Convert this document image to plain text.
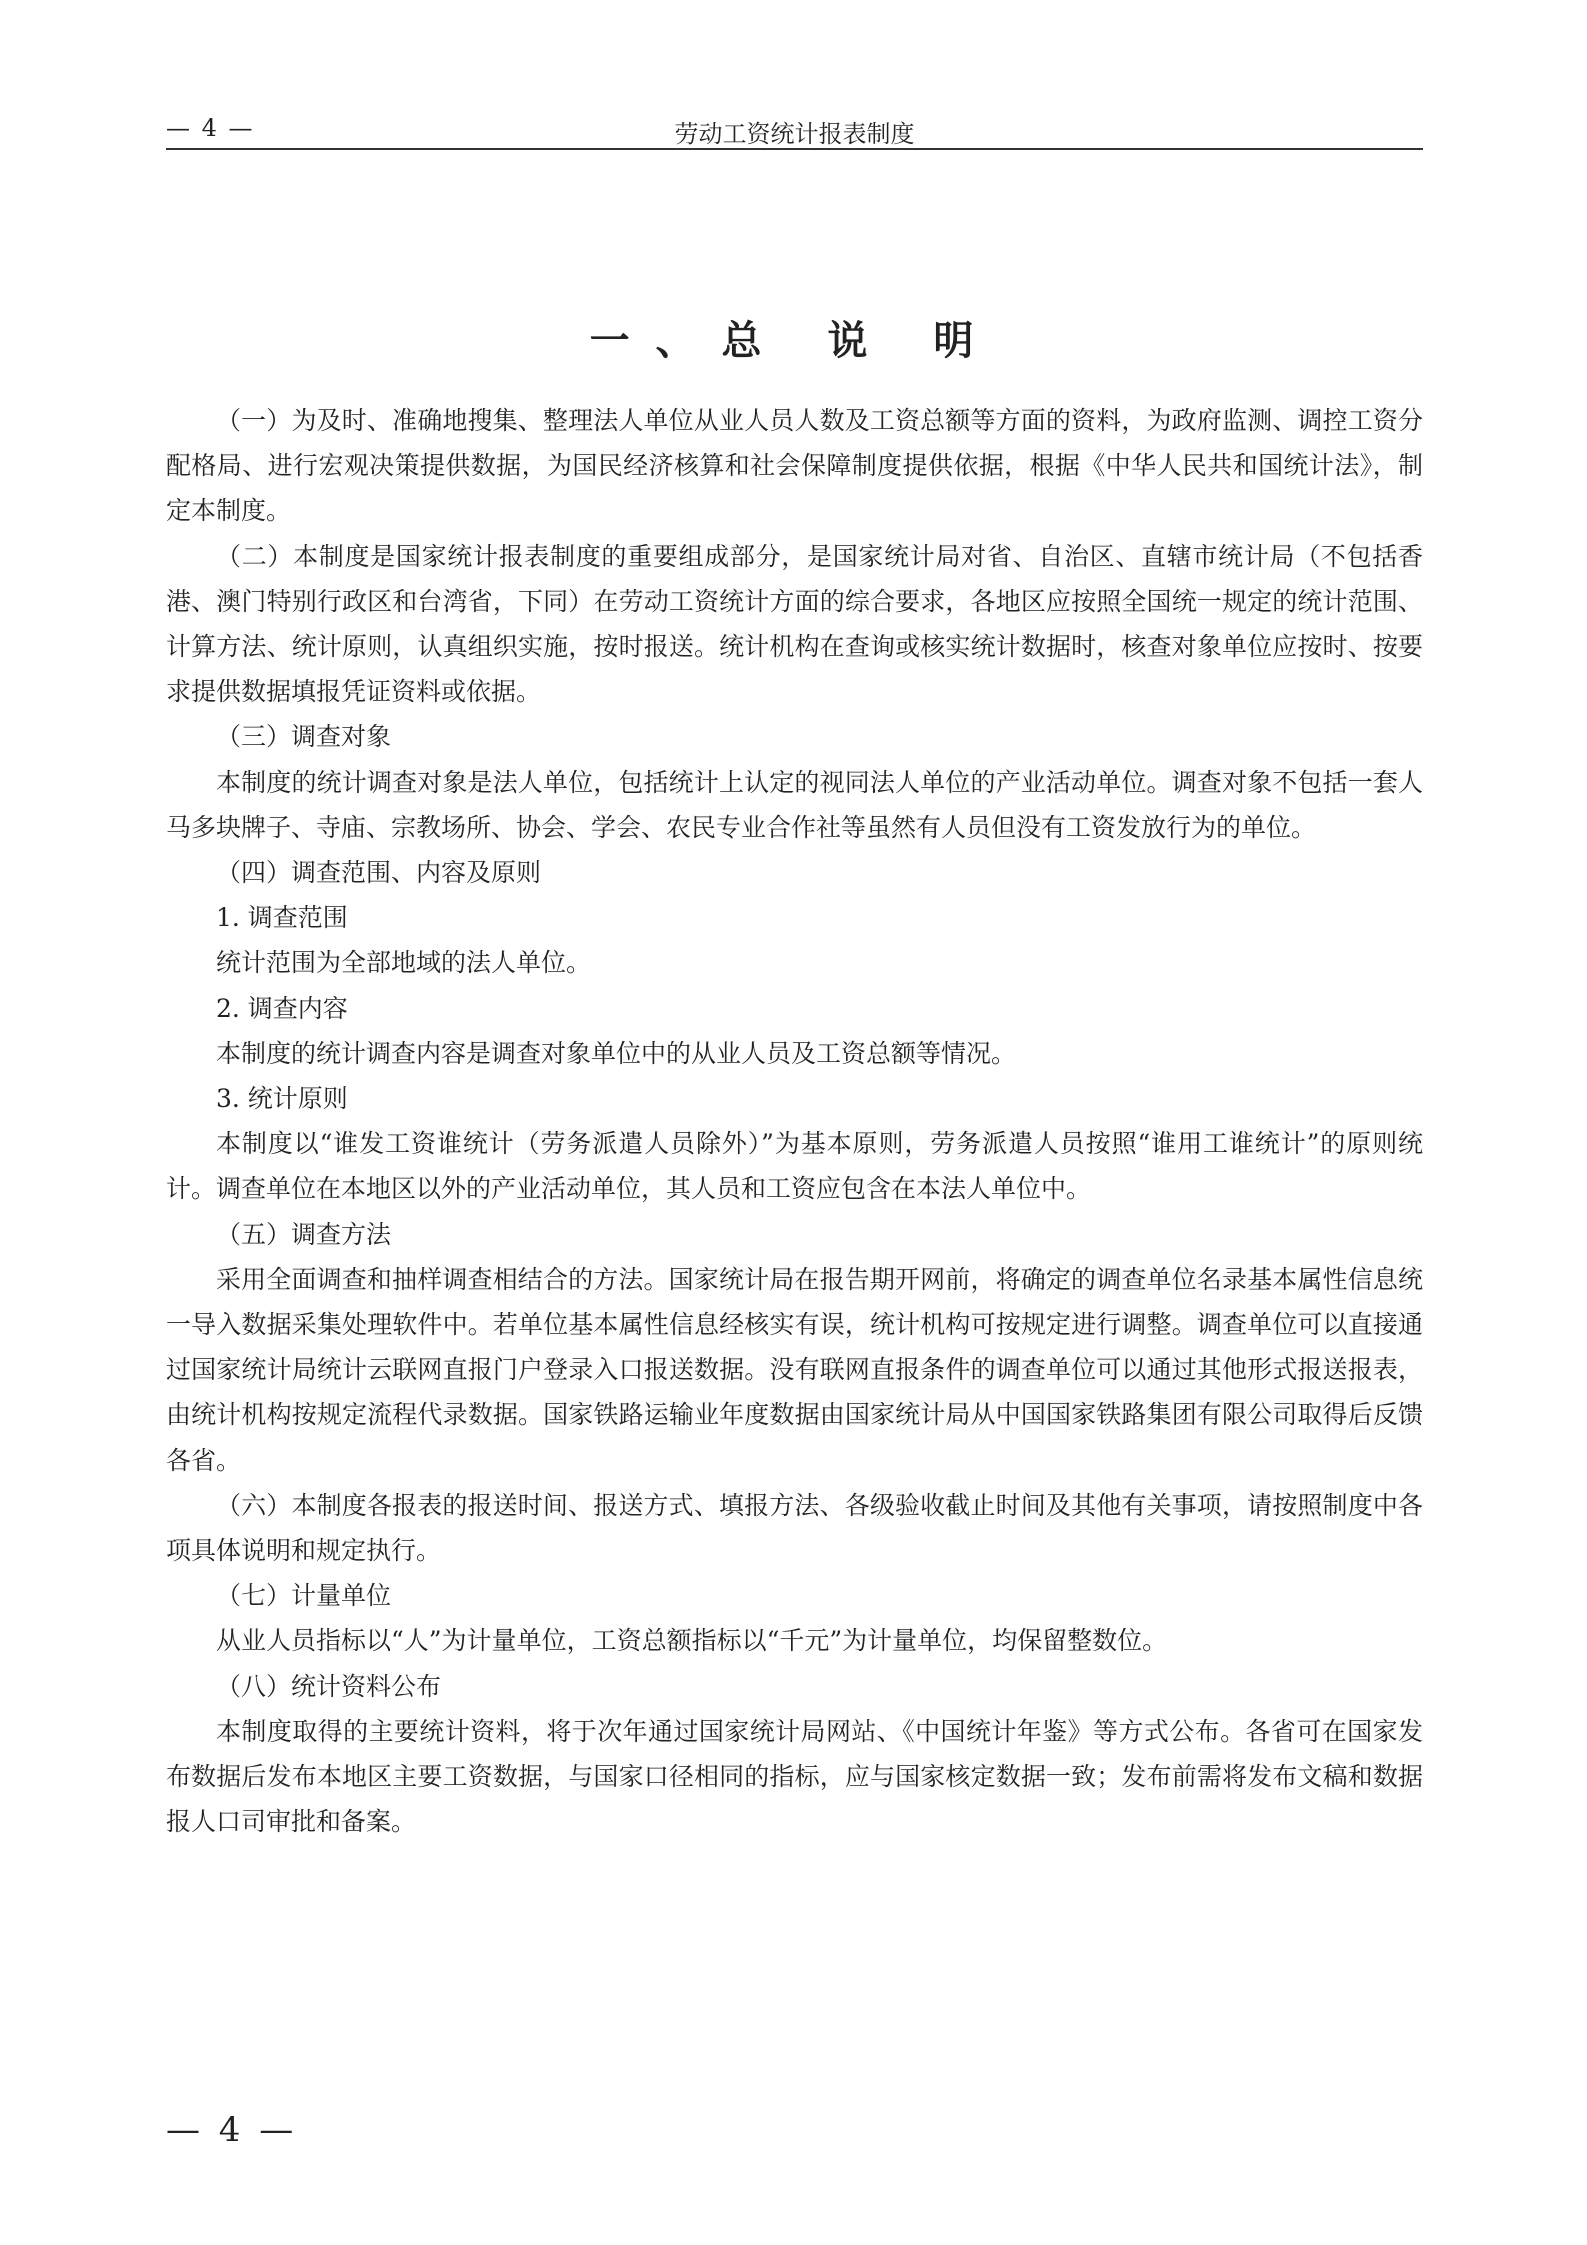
— 4 —	劳动工资统计报表制度
一、总 说 明

（一）为及时、准确地搜集、整理法人单位从业人员人数及工资总额等方面的资料，为政府监测、调控工资分配格局、进行宏观决策提供数据，为国民经济核算和社会保障制度提供依据，根据《中华人民共和国统计法》，制定本制度。

（二）本制度是国家统计报表制度的重要组成部分，是国家统计局对省、自治区、直辖市统计局（不包括香港、澳门特别行政区和台湾省，下同）在劳动工资统计方面的综合要求，各地区应按照全国统一规定的统计范围、计算方法、统计原则，认真组织实施，按时报送。统计机构在查询或核实统计数据时，核查对象单位应按时、按要求提供数据填报凭证资料或依据。

（三）调查对象

本制度的统计调查对象是法人单位，包括统计上认定的视同法人单位的产业活动单位。调查对象不包括一套人马多块牌子、寺庙、宗教场所、协会、学会、农民专业合作社等虽然有人员但没有工资发放行为的单位。

（四）调查范围、内容及原则

1. 调查范围

统计范围为全部地域的法人单位。

2. 调查内容

本制度的统计调查内容是调查对象单位中的从业人员及工资总额等情况。

3. 统计原则

本制度以“谁发工资谁统计（劳务派遣人员除外）”为基本原则，劳务派遣人员按照“谁用工谁统计”的原则统计。调查单位在本地区以外的产业活动单位，其人员和工资应包含在本法人单位中。

（五）调查方法

采用全面调查和抽样调查相结合的方法。国家统计局在报告期开网前，将确定的调查单位名录基本属性信息统一导入数据采集处理软件中。若单位基本属性信息经核实有误，统计机构可按规定进行调整。调查单位可以直接通过国家统计局统计云联网直报门户登录入口报送数据。没有联网直报条件的调查单位可以通过其他形式报送报表，由统计机构按规定流程代录数据。国家铁路运输业年度数据由国家统计局从中国国家铁路集团有限公司取得后反馈各省。

（六）本制度各报表的报送时间、报送方式、填报方法、各级验收截止时间及其他有关事项，请按照制度中各项具体说明和规定执行。

（七）计量单位

从业人员指标以“人”为计量单位，工资总额指标以“千元”为计量单位，均保留整数位。

（八）统计资料公布

本制度取得的主要统计资料，将于次年通过国家统计局网站、《中国统计年鉴》等方式公布。各省可在国家发布数据后发布本地区主要工资数据，与国家口径相同的指标，应与国家核定数据一致；发布前需将发布文稿和数据报人口司审批和备案。

— 4 —
